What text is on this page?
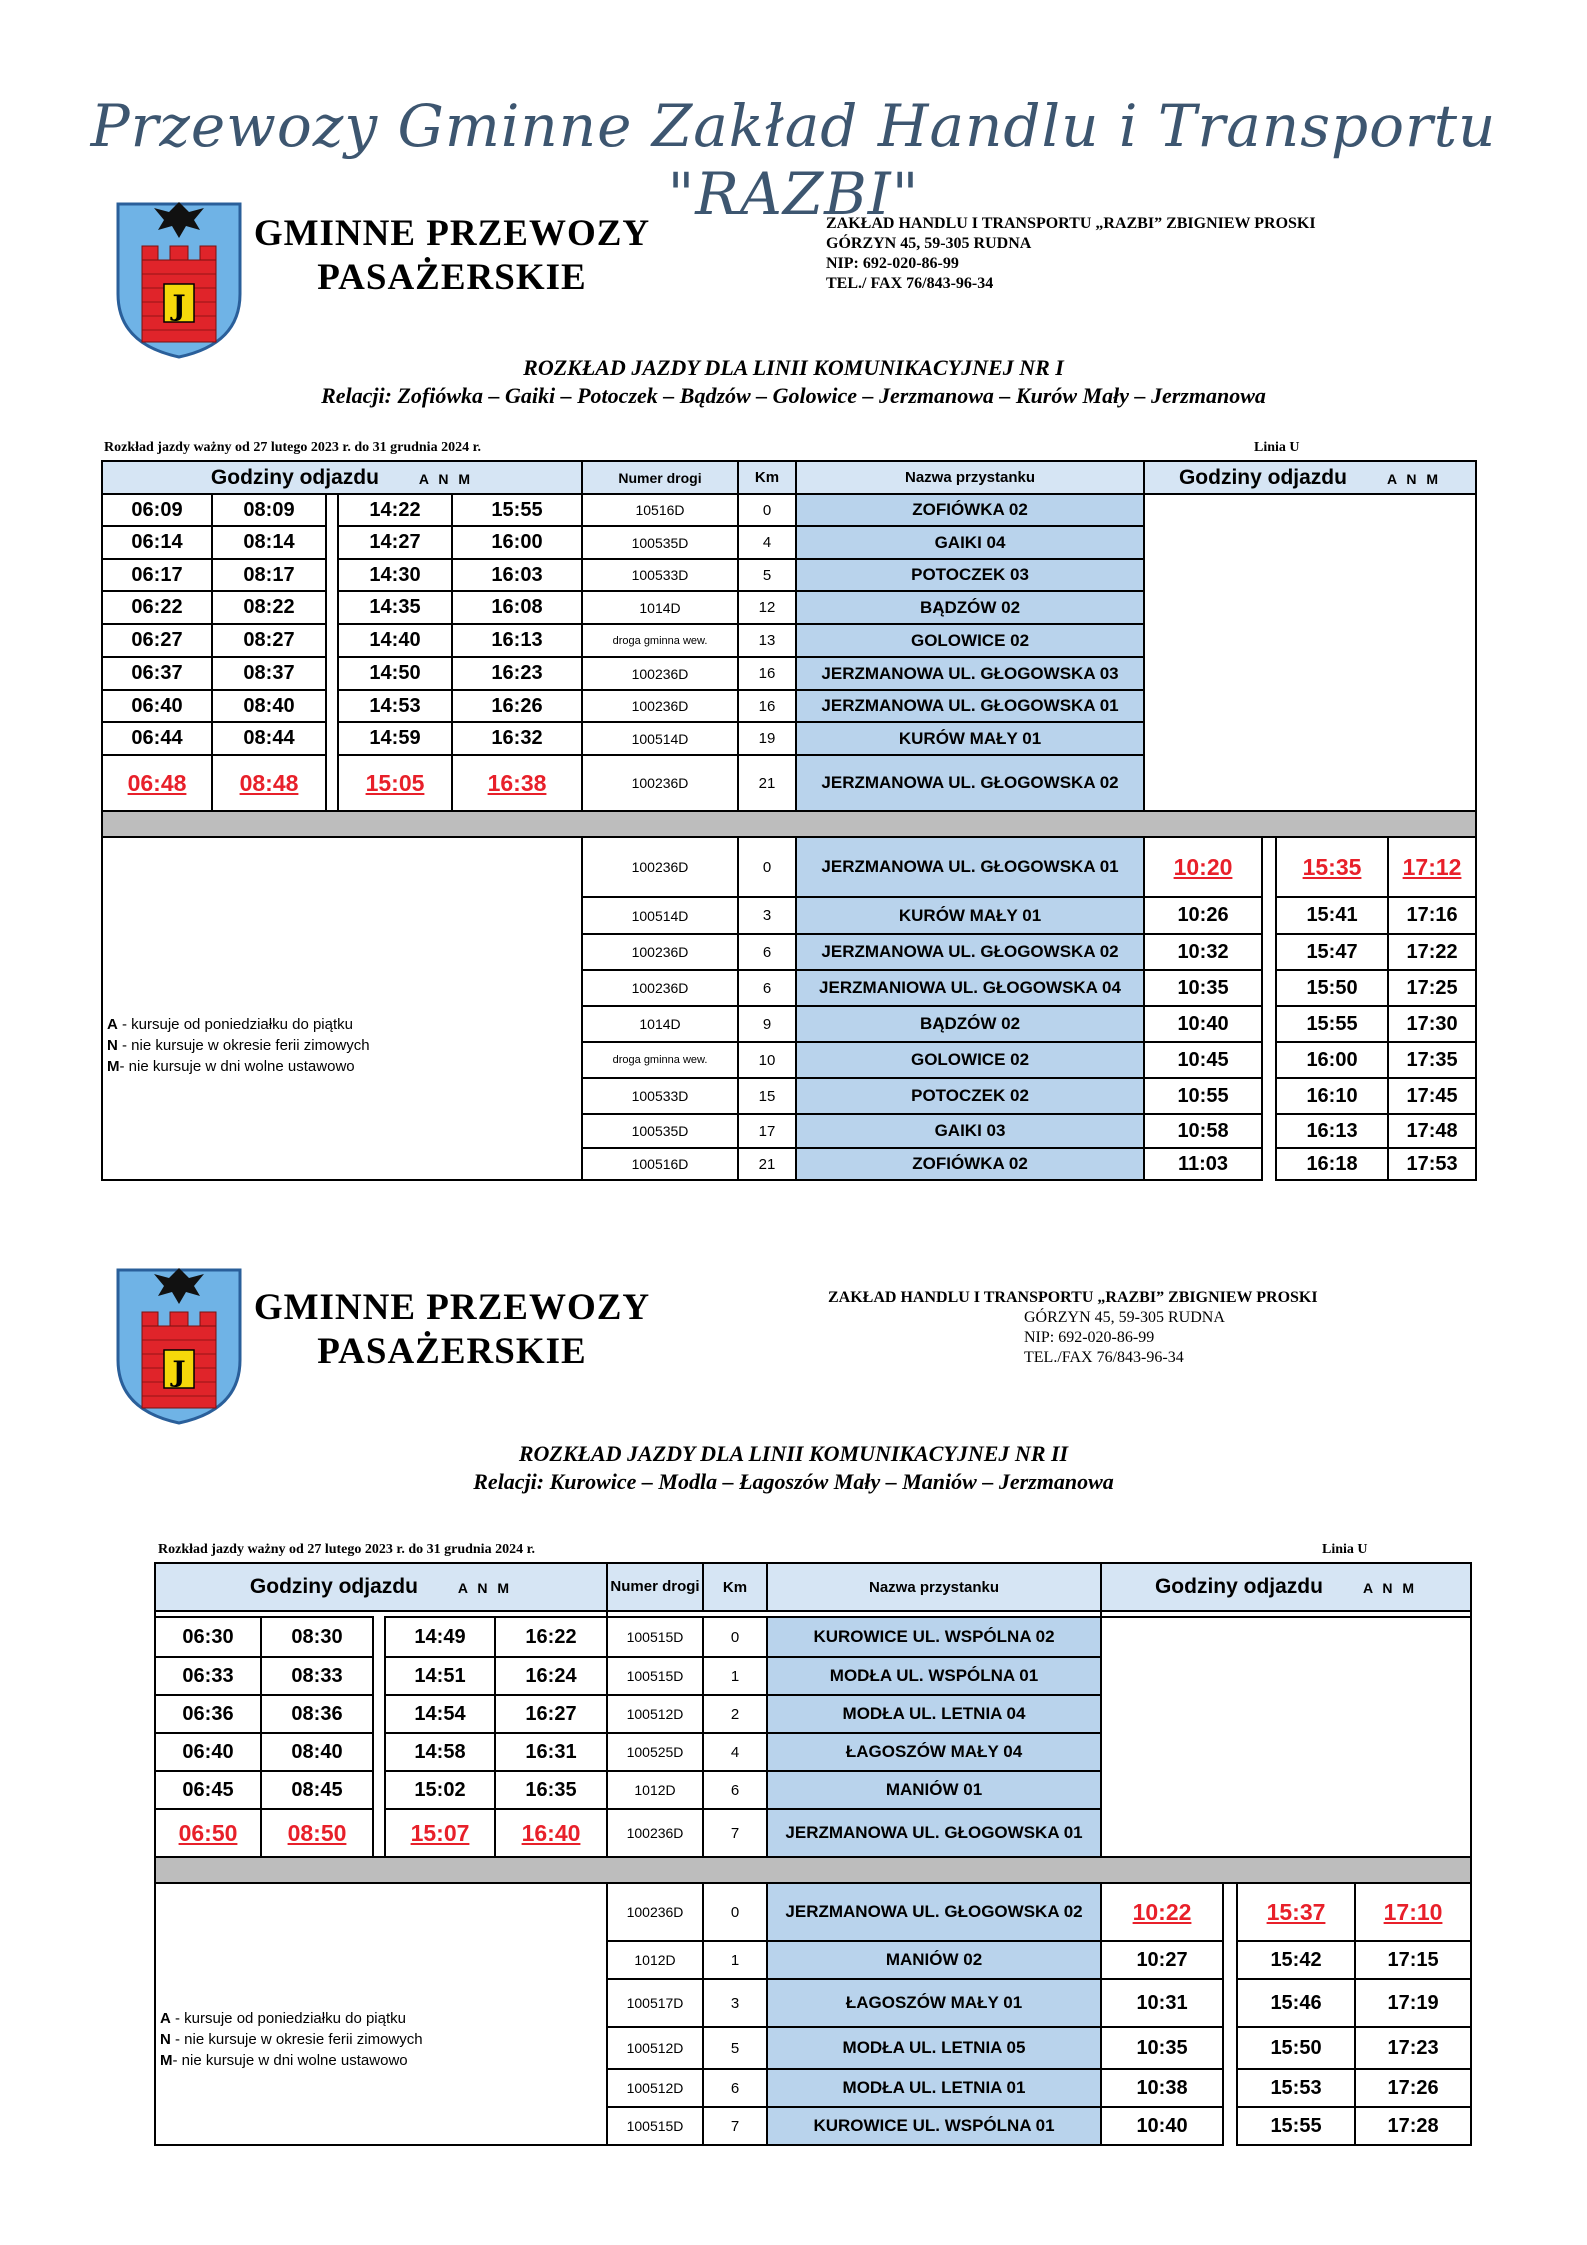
Przewozy Gminne Zakład Handlu i Transportu "RAZBI"
J
GMINNE PRZEWOZY
PASAŻERSKIE
ZAKŁAD HANDLU I TRANSPORTU „RAZBI” ZBIGNIEW PROSKI
GÓRZYN 45, 59-305 RUDNA
NIP: 692-020-86-99
TEL./ FAX 76/843-96-34
ROZKŁAD JAZDY DLA LINII KOMUNIKACYJNEJ NR I
Relacji: Zofiówka – Gaiki – Potoczek – Bądzów – Golowice – Jerzmanowa – Kurów Mały – Jerzmanowa
Rozkład jazdy ważny od 27 lutego 2023 r. do 31 grudnia 2024 r.	Linia U
Godziny odjazdu A N M					Numer drogi	Km	Nazwa przystanku	Godziny odjazdu A N M			
06:09	08:09		14:22	15:55	10516D	0	ZOFIÓWKA 02				
06:14	08:14		14:27	16:00	100535D	4	GAIKI 04				
06:17	08:17		14:30	16:03	100533D	5	POTOCZEK 03				
06:22	08:22		14:35	16:08	1014D	12	BĄDZÓW 02				
06:27	08:27		14:40	16:13	droga gminna wew.	13	GOLOWICE 02				
06:37	08:37		14:50	16:23	100236D	16	JERZMANOWA UL. GŁOGOWSKA 03				
06:40	08:40		14:53	16:26	100236D	16	JERZMANOWA UL. GŁOGOWSKA 01				
06:44	08:44		14:59	16:32	100514D	19	KURÓW MAŁY 01				
06:48	08:48		15:05	16:38	100236D	21	JERZMANOWA UL. GŁOGOWSKA 02				

A - kursuje od poniedziałku do piątku
N - nie kursuje w okresie ferii zimowych
M- nie kursuje w dni wolne ustawowo					100236D	0	JERZMANOWA UL. GŁOGOWSKA 01	10:20		15:35	17:12
					100514D	3	KURÓW MAŁY 01	10:26		15:41	17:16
					100236D	6	JERZMANOWA UL. GŁOGOWSKA 02	10:32		15:47	17:22
					100236D	6	JERZMANIOWA UL. GŁOGOWSKA 04	10:35		15:50	17:25
					1014D	9	BĄDZÓW 02	10:40		15:55	17:30
					droga gminna wew.	10	GOLOWICE 02	10:45		16:00	17:35
					100533D	15	POTOCZEK 02	10:55		16:10	17:45
					100535D	17	GAIKI 03	10:58		16:13	17:48
					100516D	21	ZOFIÓWKA 02	11:03		16:18	17:53
J
GMINNE PRZEWOZY
PASAŻERSKIE
ZAKŁAD HANDLU I TRANSPORTU „RAZBI” ZBIGNIEW PROSKI
GÓRZYN 45, 59-305 RUDNA
NIP: 692-020-86-99
TEL./FAX 76/843-96-34
ROZKŁAD JAZDY DLA LINII KOMUNIKACYJNEJ NR II
Relacji: Kurowice – Modla – Łagoszów Mały – Maniów – Jerzmanowa
Rozkład jazdy ważny od 27 lutego 2023 r. do 31 grudnia 2024 r.	Linia U
Godziny odjazdu A N M					Numer drogi	Km	Nazwa przystanku	Godziny odjazdu A N M			

06:30	08:30		14:49	16:22	100515D	0	KUROWICE UL. WSPÓLNA 02				
06:33	08:33		14:51	16:24	100515D	1	MODŁA UL. WSPÓLNA 01				
06:36	08:36		14:54	16:27	100512D	2	MODŁA UL. LETNIA 04				
06:40	08:40		14:58	16:31	100525D	4	ŁAGOSZÓW MAŁY 04				
06:45	08:45		15:02	16:35	1012D	6	MANIÓW 01				
06:50	08:50		15:07	16:40	100236D	7	JERZMANOWA UL. GŁOGOWSKA 01				

A - kursuje od poniedziałku do piątku
N - nie kursuje w okresie ferii zimowych
M- nie kursuje w dni wolne ustawowo					100236D	0	JERZMANOWA UL. GŁOGOWSKA 02	10:22		15:37	17:10
					1012D	1	MANIÓW 02	10:27		15:42	17:15
					100517D	3	ŁAGOSZÓW MAŁY 01	10:31		15:46	17:19
					100512D	5	MODŁA UL. LETNIA 05	10:35		15:50	17:23
					100512D	6	MODŁA UL. LETNIA 01	10:38		15:53	17:26
					100515D	7	KUROWICE UL. WSPÓLNA 01	10:40		15:55	17:28
